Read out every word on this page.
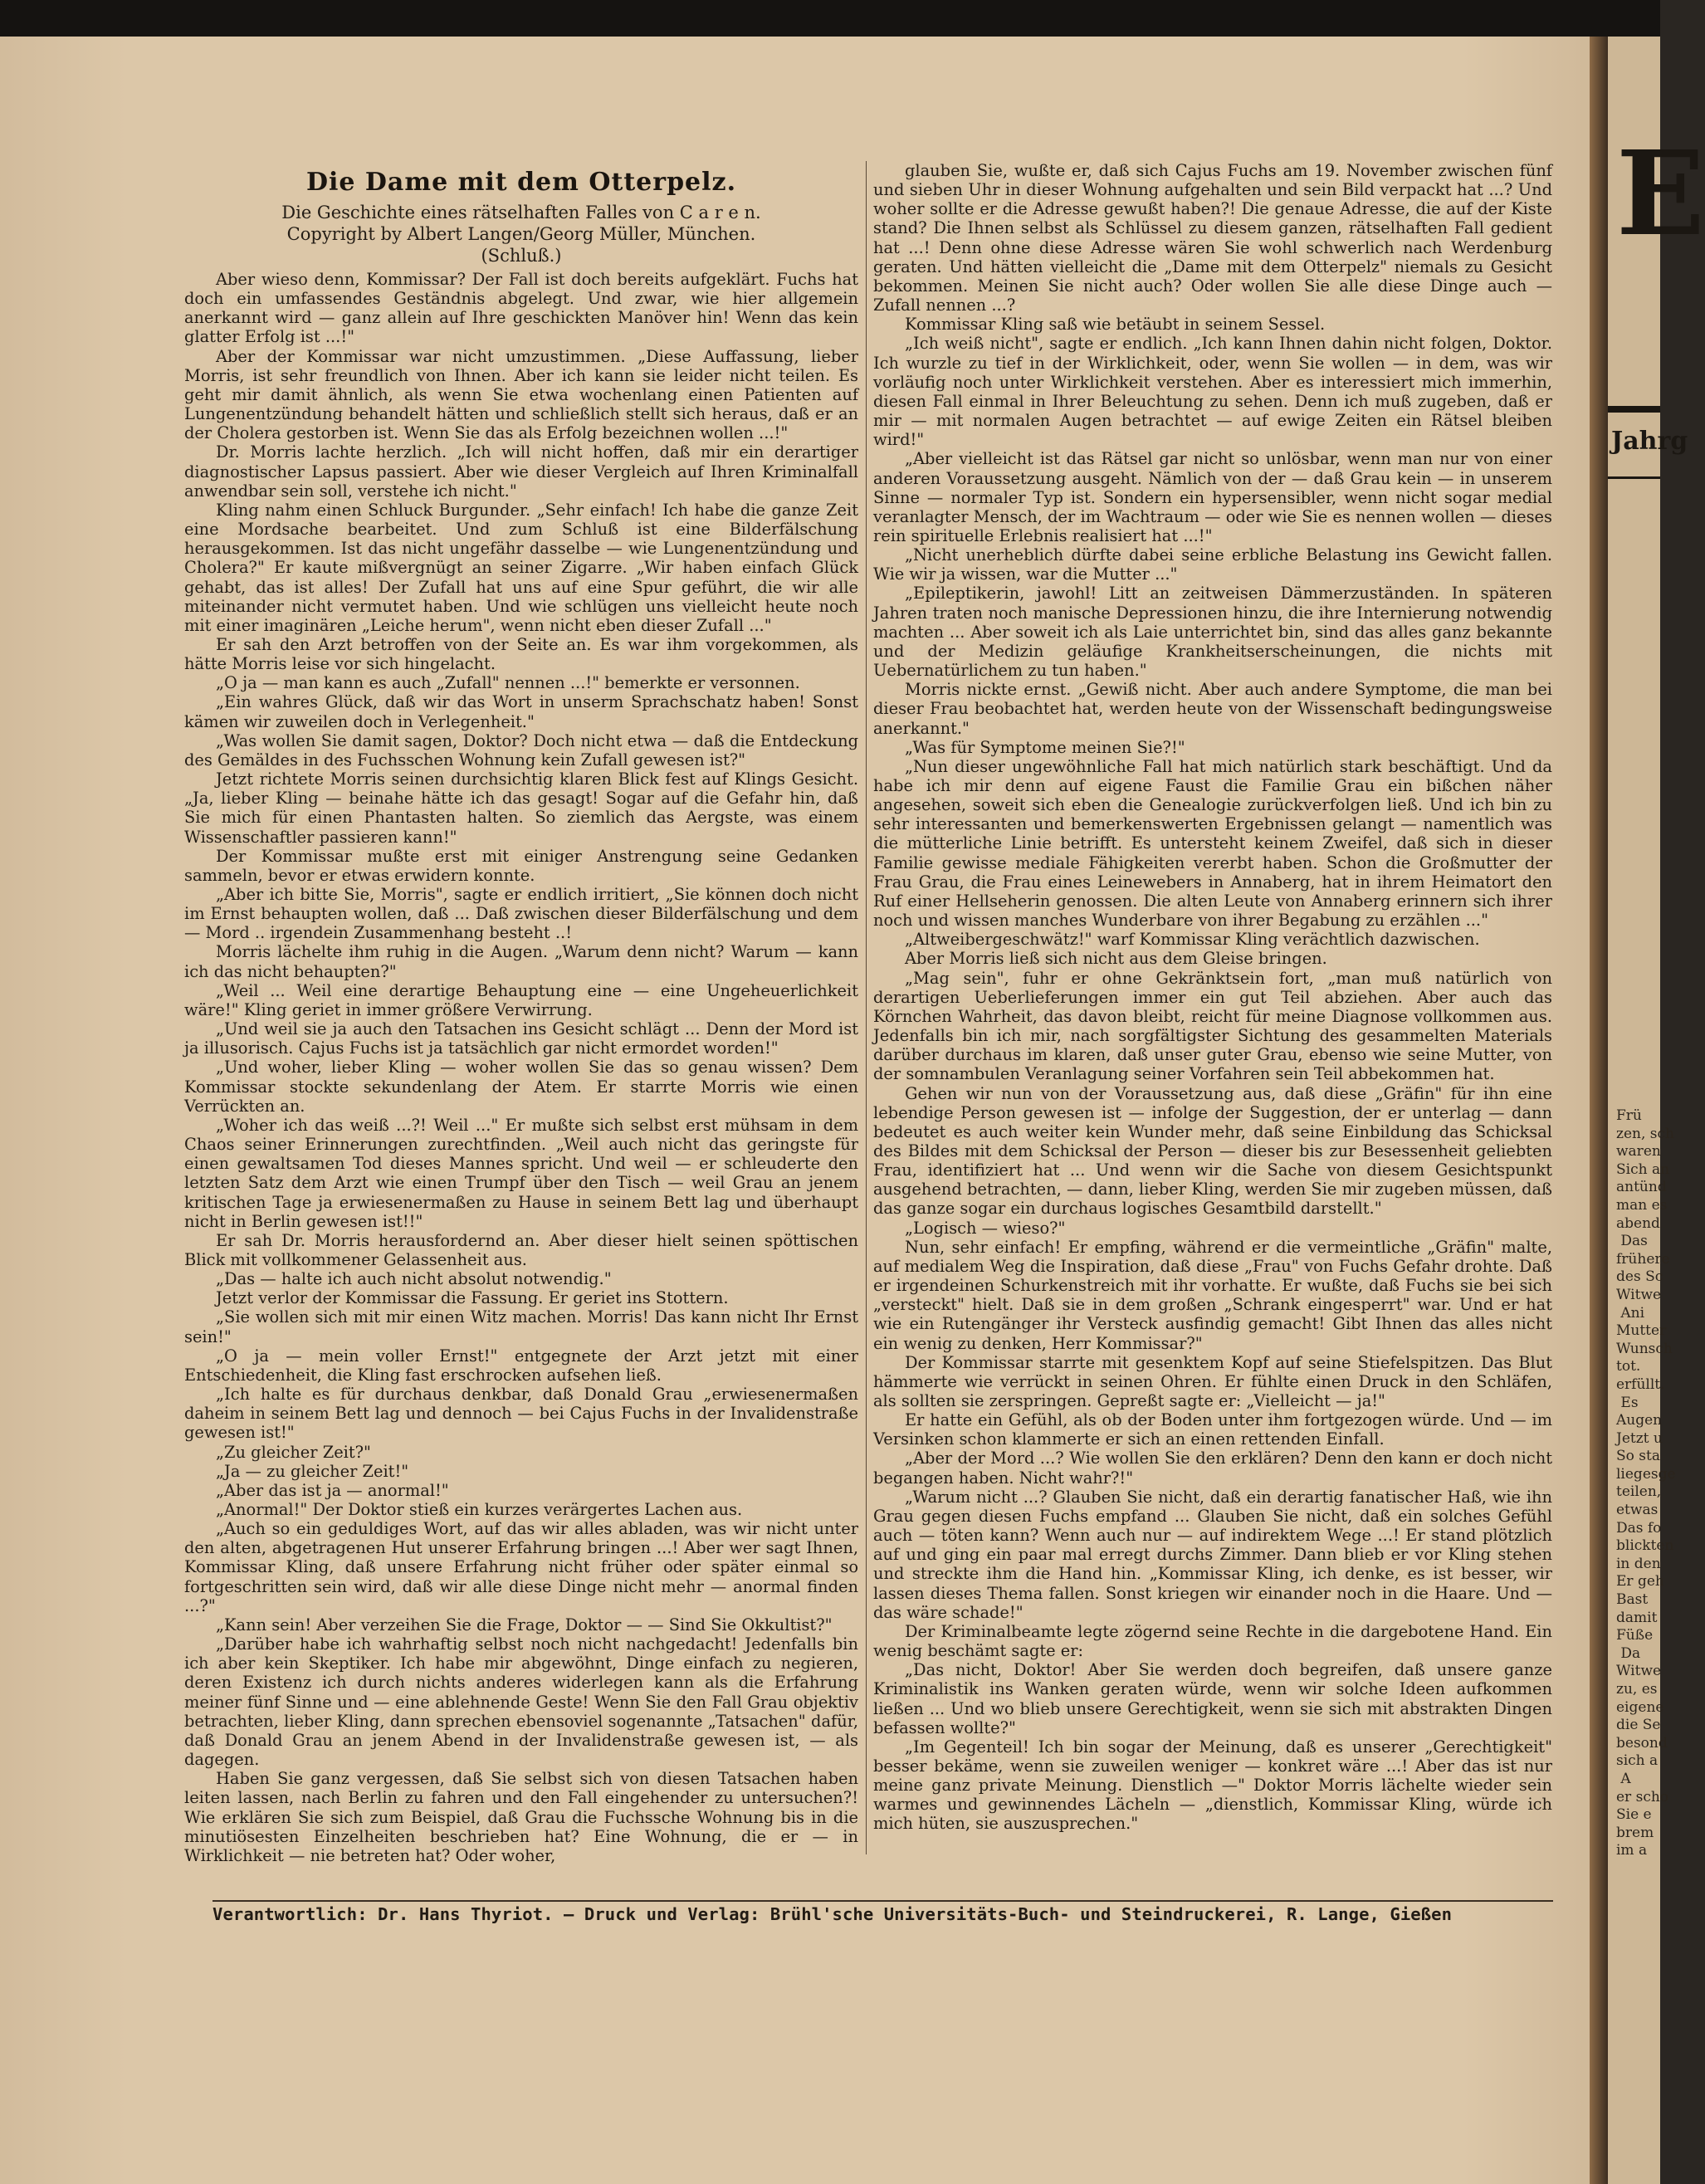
Die Dame mit dem Otterpelz.
Die Geschichte eines rätselhaften Falles von C a r e n.
Copyright by Albert Langen/Georg Müller, München.
(Schluß.)

Aber wieso denn, Kommissar? Der Fall ist doch bereits aufgeklärt. Fuchs hat doch ein umfassendes Geständnis abgelegt. Und zwar, wie hier allgemein anerkannt wird — ganz allein auf Ihre geschickten Manöver hin! Wenn das kein glatter Erfolg ist ...!"

Aber der Kommissar war nicht umzustimmen. „Diese Auffassung, lieber Morris, ist sehr freundlich von Ihnen. Aber ich kann sie leider nicht teilen. Es geht mir damit ähnlich, als wenn Sie etwa wochenlang einen Patienten auf Lungenentzündung behandelt hätten und schließlich stellt sich heraus, daß er an der Cholera gestorben ist. Wenn Sie das als Erfolg bezeichnen wollen ...!"

Dr. Morris lachte herzlich. „Ich will nicht hoffen, daß mir ein derartiger diagnostischer Lapsus passiert. Aber wie dieser Vergleich auf Ihren Kriminalfall anwendbar sein soll, verstehe ich nicht."

Kling nahm einen Schluck Burgunder. „Sehr einfach! Ich habe die ganze Zeit eine Mordsache bearbeitet. Und zum Schluß ist eine Bilderfälschung herausgekommen. Ist das nicht ungefähr dasselbe — wie Lungenentzündung und Cholera?" Er kaute mißvergnügt an seiner Zigarre. „Wir haben einfach Glück gehabt, das ist alles! Der Zufall hat uns auf eine Spur geführt, die wir alle miteinander nicht vermutet haben. Und wie schlügen uns vielleicht heute noch mit einer imaginären „Leiche herum", wenn nicht eben dieser Zufall ..."

Er sah den Arzt betroffen von der Seite an. Es war ihm vorgekommen, als hätte Morris leise vor sich hingelacht.

„O ja — man kann es auch „Zufall" nennen ...!" bemerkte er versonnen.

„Ein wahres Glück, daß wir das Wort in unserm Sprachschatz haben! Sonst kämen wir zuweilen doch in Verlegenheit."

„Was wollen Sie damit sagen, Doktor? Doch nicht etwa — daß die Entdeckung des Gemäldes in des Fuchsschen Wohnung kein Zufall gewesen ist?"

Jetzt richtete Morris seinen durchsichtig klaren Blick fest auf Klings Gesicht. „Ja, lieber Kling — beinahe hätte ich das gesagt! Sogar auf die Gefahr hin, daß Sie mich für einen Phantasten halten. So ziemlich das Aergste, was einem Wissenschaftler passieren kann!"

Der Kommissar mußte erst mit einiger Anstrengung seine Gedanken sammeln, bevor er etwas erwidern konnte.

„Aber ich bitte Sie, Morris", sagte er endlich irritiert, „Sie können doch nicht im Ernst behaupten wollen, daß ... Daß zwischen dieser Bilderfälschung und dem — Mord .. irgendein Zusammenhang besteht ..!

Morris lächelte ihm ruhig in die Augen. „Warum denn nicht? Warum — kann ich das nicht behaupten?"

„Weil ... Weil eine derartige Behauptung eine — eine Ungeheuerlichkeit wäre!" Kling geriet in immer größere Verwirrung.

„Und weil sie ja auch den Tatsachen ins Gesicht schlägt ... Denn der Mord ist ja illusorisch. Cajus Fuchs ist ja tatsächlich gar nicht ermordet worden!"

„Und woher, lieber Kling — woher wollen Sie das so genau wissen? Dem Kommissar stockte sekundenlang der Atem. Er starrte Morris wie einen Verrückten an.

„Woher ich das weiß ...?! Weil ..." Er mußte sich selbst erst mühsam in dem Chaos seiner Erinnerungen zurechtfinden. „Weil auch nicht das geringste für einen gewaltsamen Tod dieses Mannes spricht. Und weil — er schleuderte den letzten Satz dem Arzt wie einen Trumpf über den Tisch — weil Grau an jenem kritischen Tage ja erwiesenermaßen zu Hause in seinem Bett lag und überhaupt nicht in Berlin gewesen ist!!"

Er sah Dr. Morris herausfordernd an. Aber dieser hielt seinen spöttischen Blick mit vollkommener Gelassenheit aus.

„Das — halte ich auch nicht absolut notwendig."

Jetzt verlor der Kommissar die Fassung. Er geriet ins Stottern.

„Sie wollen sich mit mir einen Witz machen. Morris! Das kann nicht Ihr Ernst sein!"

„O ja — mein voller Ernst!" entgegnete der Arzt jetzt mit einer Entschiedenheit, die Kling fast erschrocken aufsehen ließ.

„Ich halte es für durchaus denkbar, daß Donald Grau „erwiesenermaßen daheim in seinem Bett lag und dennoch — bei Cajus Fuchs in der Invalidenstraße gewesen ist!"

„Zu gleicher Zeit?"

„Ja — zu gleicher Zeit!"

„Aber das ist ja — anormal!"

„Anormal!" Der Doktor stieß ein kurzes verärgertes Lachen aus.

„Auch so ein geduldiges Wort, auf das wir alles abladen, was wir nicht unter den alten, abgetragenen Hut unserer Erfahrung bringen ...! Aber wer sagt Ihnen, Kommissar Kling, daß unsere Erfahrung nicht früher oder später einmal so fortgeschritten sein wird, daß wir alle diese Dinge nicht mehr — anormal finden ...?"

„Kann sein! Aber verzeihen Sie die Frage, Doktor — — Sind Sie Okkultist?"

„Darüber habe ich wahrhaftig selbst noch nicht nachgedacht! Jedenfalls bin ich aber kein Skeptiker. Ich habe mir abgewöhnt, Dinge einfach zu negieren, deren Existenz ich durch nichts anderes widerlegen kann als die Erfahrung meiner fünf Sinne und — eine ablehnende Geste! Wenn Sie den Fall Grau objektiv betrachten, lieber Kling, dann sprechen ebensoviel sogenannte „Tatsachen" dafür, daß Donald Grau an jenem Abend in der Invalidenstraße gewesen ist, — als dagegen.

Haben Sie ganz vergessen, daß Sie selbst sich von diesen Tatsachen haben leiten lassen, nach Berlin zu fahren und den Fall eingehender zu untersuchen?! Wie erklären Sie sich zum Beispiel, daß Grau die Fuchssche Wohnung bis in die minutiösesten Einzelheiten beschrieben hat? Eine Wohnung, die er — in Wirklichkeit — nie betreten hat? Oder woher,

glauben Sie, wußte er, daß sich Cajus Fuchs am 19. November zwischen fünf und sieben Uhr in dieser Wohnung aufgehalten und sein Bild verpackt hat ...? Und woher sollte er die Adresse gewußt haben?! Die genaue Adresse, die auf der Kiste stand? Die Ihnen selbst als Schlüssel zu diesem ganzen, rätselhaften Fall gedient hat ...! Denn ohne diese Adresse wären Sie wohl schwerlich nach Werdenburg geraten. Und hätten vielleicht die „Dame mit dem Otterpelz" niemals zu Gesicht bekommen. Meinen Sie nicht auch? Oder wollen Sie alle diese Dinge auch — Zufall nennen ...?

Kommissar Kling saß wie betäubt in seinem Sessel.

„Ich weiß nicht", sagte er endlich. „Ich kann Ihnen dahin nicht folgen, Doktor. Ich wurzle zu tief in der Wirklichkeit, oder, wenn Sie wollen — in dem, was wir vorläufig noch unter Wirklichkeit verstehen. Aber es interessiert mich immerhin, diesen Fall einmal in Ihrer Beleuchtung zu sehen. Denn ich muß zugeben, daß er mir — mit normalen Augen betrachtet — auf ewige Zeiten ein Rätsel bleiben wird!"

„Aber vielleicht ist das Rätsel gar nicht so unlösbar, wenn man nur von einer anderen Voraussetzung ausgeht. Nämlich von der — daß Grau kein — in unserem Sinne — normaler Typ ist. Sondern ein hypersensibler, wenn nicht sogar medial veranlagter Mensch, der im Wachtraum — oder wie Sie es nennen wollen — dieses rein spirituelle Erlebnis realisiert hat ...!"

„Nicht unerheblich dürfte dabei seine erbliche Belastung ins Gewicht fallen. Wie wir ja wissen, war die Mutter ..."

„Epileptikerin, jawohl! Litt an zeitweisen Dämmerzuständen. In späteren Jahren traten noch manische Depressionen hinzu, die ihre Internierung notwendig machten ... Aber soweit ich als Laie unterrichtet bin, sind das alles ganz bekannte und der Medizin geläufige Krankheitserscheinungen, die nichts mit Uebernatürlichem zu tun haben."

Morris nickte ernst. „Gewiß nicht. Aber auch andere Symptome, die man bei dieser Frau beobachtet hat, werden heute von der Wissenschaft bedingungsweise anerkannt."

„Was für Symptome meinen Sie?!"

„Nun dieser ungewöhnliche Fall hat mich natürlich stark beschäftigt. Und da habe ich mir denn auf eigene Faust die Familie Grau ein bißchen näher angesehen, soweit sich eben die Genealogie zurückverfolgen ließ. Und ich bin zu sehr interessanten und bemerkenswerten Ergebnissen gelangt — namentlich was die mütterliche Linie betrifft. Es untersteht keinem Zweifel, daß sich in dieser Familie gewisse mediale Fähigkeiten vererbt haben. Schon die Großmutter der Frau Grau, die Frau eines Leinewebers in Annaberg, hat in ihrem Heimatort den Ruf einer Hellseherin genossen. Die alten Leute von Annaberg erinnern sich ihrer noch und wissen manches Wunderbare von ihrer Begabung zu erzählen ..."

„Altweibergeschwätz!" warf Kommissar Kling verächtlich dazwischen.

Aber Morris ließ sich nicht aus dem Gleise bringen.

„Mag sein", fuhr er ohne Gekränktsein fort, „man muß natürlich von derartigen Ueberlieferungen immer ein gut Teil abziehen. Aber auch das Körnchen Wahrheit, das davon bleibt, reicht für meine Diagnose vollkommen aus. Jedenfalls bin ich mir, nach sorgfältigster Sichtung des gesammelten Materials darüber durchaus im klaren, daß unser guter Grau, ebenso wie seine Mutter, von der somnambulen Veranlagung seiner Vorfahren sein Teil abbekommen hat.

Gehen wir nun von der Voraussetzung aus, daß diese „Gräfin" für ihn eine lebendige Person gewesen ist — infolge der Suggestion, der er unterlag — dann bedeutet es auch weiter kein Wunder mehr, daß seine Einbildung das Schicksal des Bildes mit dem Schicksal der Person — dieser bis zur Besessenheit geliebten Frau, identifiziert hat ... Und wenn wir die Sache von diesem Gesichtspunkt ausgehend betrachten, — dann, lieber Kling, werden Sie mir zugeben müssen, daß das ganze sogar ein durchaus logisches Gesamtbild darstellt."

„Logisch — wieso?"

Nun, sehr einfach! Er empfing, während er die vermeintliche „Gräfin" malte, auf medialem Weg die Inspiration, daß diese „Frau" von Fuchs Gefahr drohte. Daß er irgendeinen Schurkenstreich mit ihr vorhatte. Er wußte, daß Fuchs sie bei sich „versteckt" hielt. Daß sie in dem großen „Schrank eingesperrt" war. Und er hat wie ein Rutengänger ihr Versteck ausfindig gemacht! Gibt Ihnen das alles nicht ein wenig zu denken, Herr Kommissar?"

Der Kommissar starrte mit gesenktem Kopf auf seine Stiefelspitzen. Das Blut hämmerte wie verrückt in seinen Ohren. Er fühlte einen Druck in den Schläfen, als sollten sie zerspringen. Gepreßt sagte er: „Vielleicht — ja!"

Er hatte ein Gefühl, als ob der Boden unter ihm fortgezogen würde. Und — im Versinken schon klammerte er sich an einen rettenden Einfall.

„Aber der Mord ...? Wie wollen Sie den erklären? Denn den kann er doch nicht begangen haben. Nicht wahr?!"

„Warum nicht ...? Glauben Sie nicht, daß ein derartig fanatischer Haß, wie ihn Grau gegen diesen Fuchs empfand ... Glauben Sie nicht, daß ein solches Gefühl auch — töten kann? Wenn auch nur — auf indirektem Wege ...! Er stand plötzlich auf und ging ein paar mal erregt durchs Zimmer. Dann blieb er vor Kling stehen und streckte ihm die Hand hin. „Kommissar Kling, ich denke, es ist besser, wir lassen dieses Thema fallen. Sonst kriegen wir einander noch in die Haare. Und — das wäre schade!"

Der Kriminalbeamte legte zögernd seine Rechte in die dargebotene Hand. Ein wenig beschämt sagte er:

„Das nicht, Doktor! Aber Sie werden doch begreifen, daß unsere ganze Kriminalistik ins Wanken geraten würde, wenn wir solche Ideen aufkommen ließen ... Und wo blieb unsere Gerechtigkeit, wenn sie sich mit abstrakten Dingen befassen wollte?"

„Im Gegenteil! Ich bin sogar der Meinung, daß es unserer „Gerechtigkeit" besser bekäme, wenn sie zuweilen weniger — konkret wäre ...! Aber das ist nur meine ganz private Meinung. Dienstlich —" Doktor Morris lächelte wieder sein warmes und gewinnendes Lächeln — „dienstlich, Kommissar Kling, würde ich mich hüten, sie auszusprechen."

Verantwortlich: Dr. Hans Thyriot. — Druck und Verlag: Brühl'sche Universitäts-Buch- und Steindruckerei, R. Lange, Gießen
E
Jahrg
Frü
zen, sch
waren
Sich an
antünd
man es
abend
Das
frühere
des Sc
Witwe
Ani
Mutter
Wunsch
tot.
erfüllt.
Es
Augen
Jetzt u
So sta
liegesge
teilen,
etwas
Das fo
blickten
in den
Er geh
Bast
damit
Füße
Da
Witwe
zu, es
eigene
die Se
besond
sich a
A
er scho
Sie e
brem
im a
